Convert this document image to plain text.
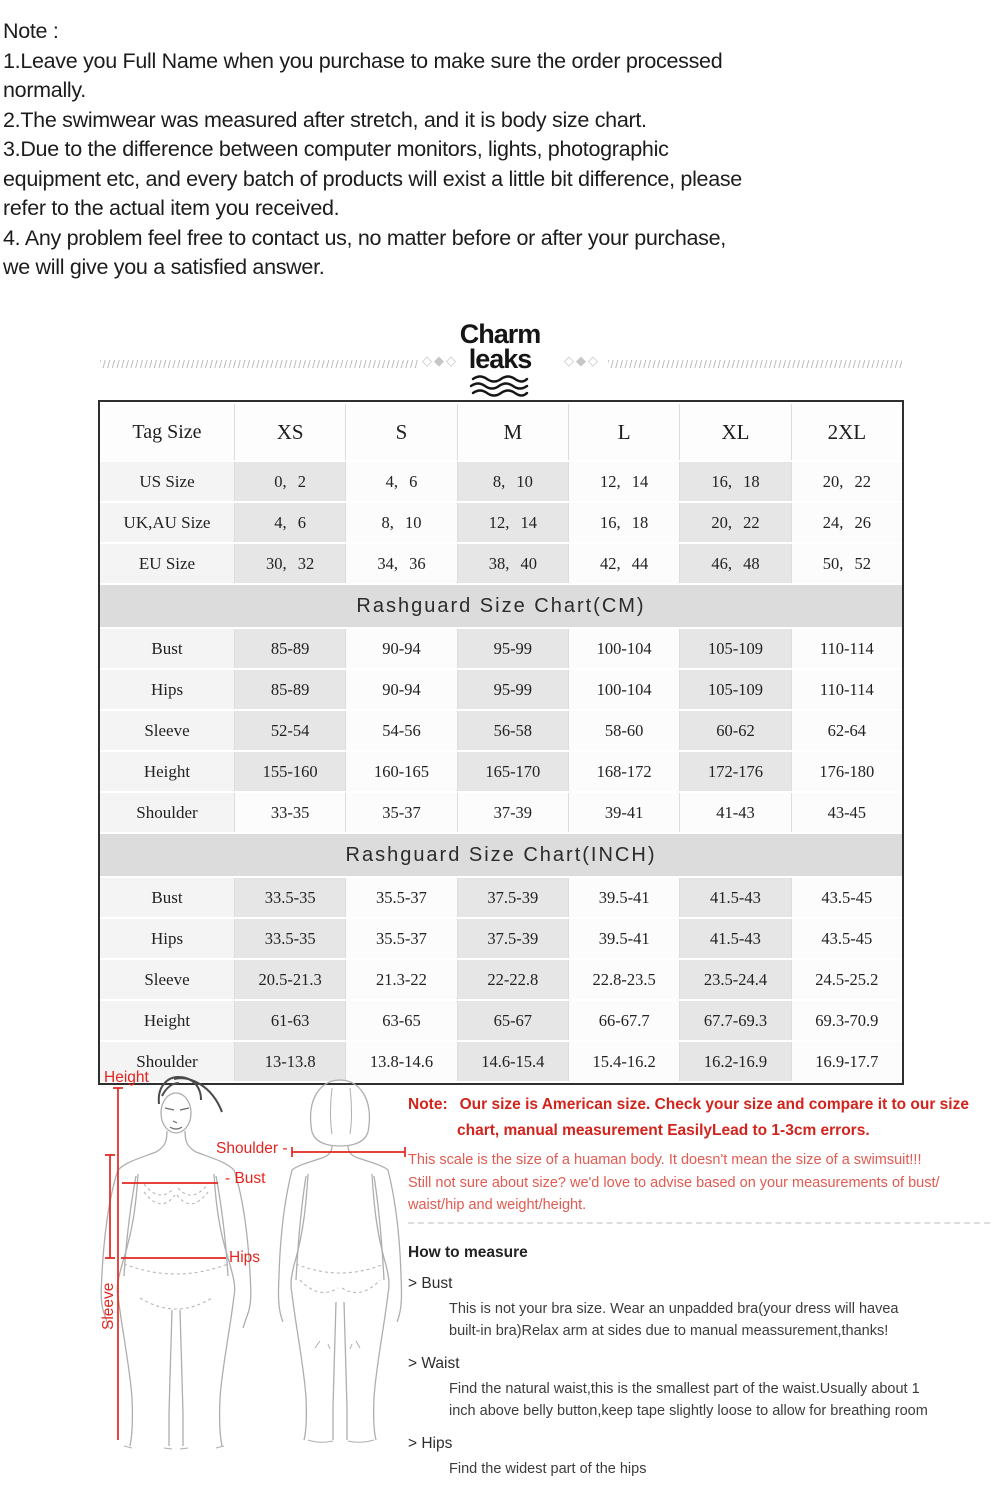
Note :
1.Leave you Full Name when you purchase to make sure the order processed
normally.
2.The swimwear was measured after stretch, and it is body size chart.
3.Due to the difference between computer monitors, lights, photographic
equipment etc, and every batch of products will exist a little bit difference, please
refer to the actual item you received.
4. Any problem feel free to contact us, no matter before or after your purchase,
we will give you a satisfied answer.
◇◆◇
Charm
leaks	◇◆◇
Tag Size	XS	S	M	L	XL	2XL
US Size	0, 2	4, 6	8, 10	12, 14	16, 18	20, 22
UK,AU Size	4, 6	8, 10	12, 14	16, 18	20, 22	24, 26
EU Size	30, 32	34, 36	38, 40	42, 44	46, 48	50, 52
Rashguard Size Chart(CM)						
Bust	85-89	90-94	95-99	100-104	105-109	110-114
Hips	85-89	90-94	95-99	100-104	105-109	110-114
Sleeve	52-54	54-56	56-58	58-60	60-62	62-64
Height	155-160	160-165	165-170	168-172	172-176	176-180
Shoulder	33-35	35-37	37-39	39-41	41-43	43-45
Rashguard Size Chart(INCH)						
Bust	33.5-35	35.5-37	37.5-39	39.5-41	41.5-43	43.5-45
Hips	33.5-35	35.5-37	37.5-39	39.5-41	41.5-43	43.5-45
Sleeve	20.5-21.3	21.3-22	22-22.8	22.8-23.5	23.5-24.4	24.5-25.2
Height	61-63	63-65	65-67	66-67.7	67.7-69.3	69.3-70.9
Shoulder	13-13.8	13.8-14.6	14.6-15.4	15.4-16.2	16.2-16.9	16.9-17.7
Height
Shoulder -
- Bust
Hips
Sleeve
Note: Our size is American size. Check your size and compare it to our size
chart, manual measurement EasilyLead to 1-3cm errors.
This scale is the size of a huaman body. It doesn't mean the size of a swimsuit!!!
Still not sure about size? we'd love to advise based on your measurements of bust/
waist/hip and weight/height.
How to measure
> Bust
This is not your bra size. Wear an unpadded bra(your dress will havea
built-in bra)Relax arm at sides due to manual meassurement,thanks!
> Waist
Find the natural waist,this is the smallest part of the waist.Usually about 1
inch above belly button,keep tape slightly loose to allow for breathing room
> Hips
Find the widest part of the hips
